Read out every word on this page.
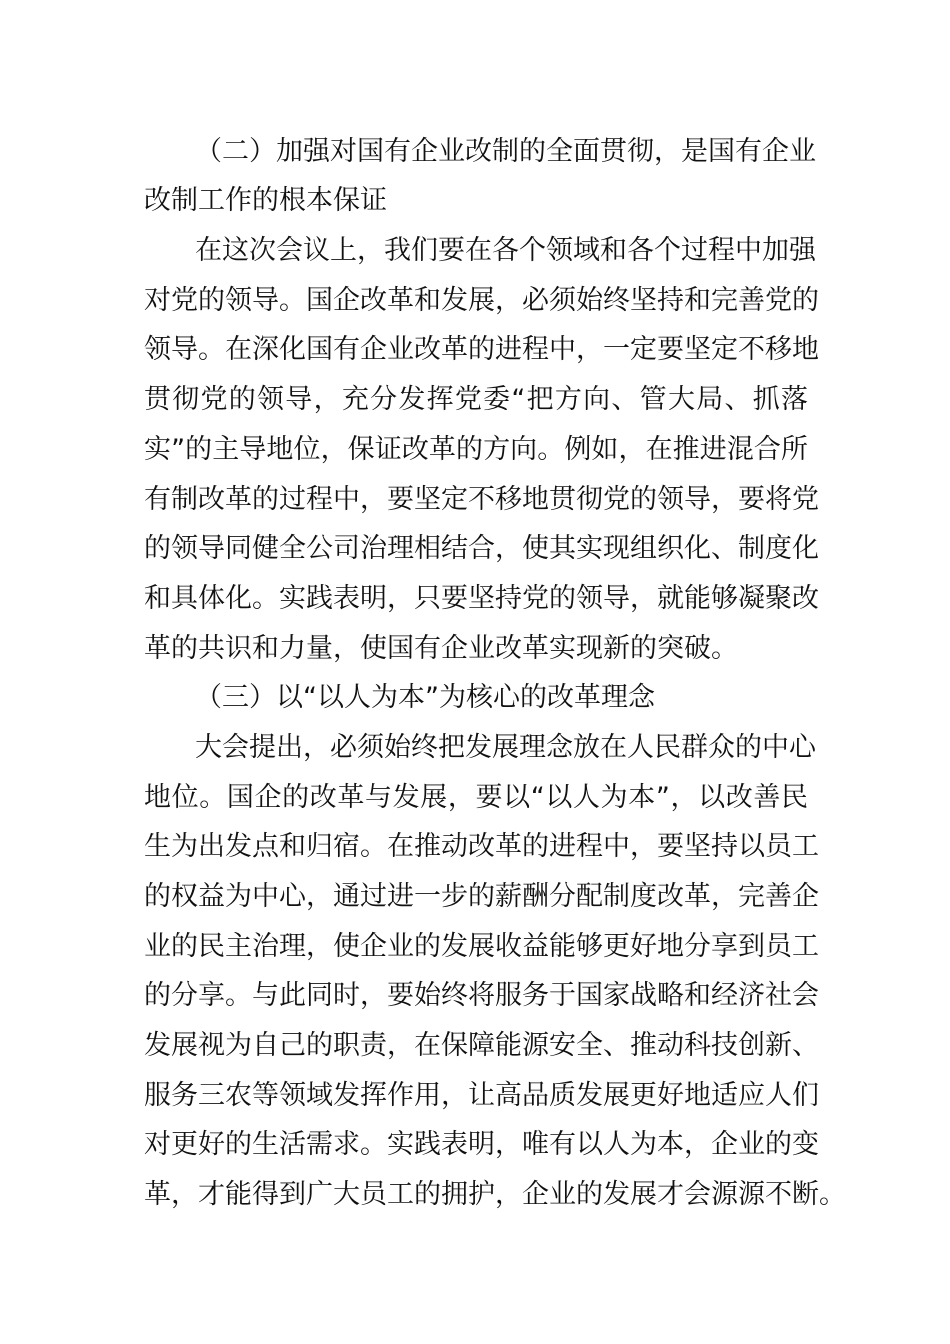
（二）加强对国有企业改制的全面贯彻，是国有企业

改制工作的根本保证

在这次会议上，我们要在各个领域和各个过程中加强

对党的领导。国企改革和发展，必须始终坚持和完善党的

领导。在深化国有企业改革的进程中，一定要坚定不移地

贯彻党的领导，充分发挥党委“把方向、管大局、抓落

实”的主导地位，保证改革的方向。例如，在推进混合所

有制改革的过程中，要坚定不移地贯彻党的领导，要将党

的领导同健全公司治理相结合，使其实现组织化、制度化

和具体化。实践表明，只要坚持党的领导，就能够凝聚改

革的共识和力量，使国有企业改革实现新的突破。

（三）以“以人为本”为核心的改革理念

大会提出，必须始终把发展理念放在人民群众的中心

地位。国企的改革与发展，要以“以人为本”，以改善民

生为出发点和归宿。在推动改革的进程中，要坚持以员工

的权益为中心，通过进一步的薪酬分配制度改革，完善企

业的民主治理，使企业的发展收益能够更好地分享到员工

的分享。与此同时，要始终将服务于国家战略和经济社会

发展视为自己的职责，在保障能源安全、推动科技创新、

服务三农等领域发挥作用，让高品质发展更好地适应人们

对更好的生活需求。实践表明，唯有以人为本，企业的变

革，才能得到广大员工的拥护，企业的发展才会源源不断。
